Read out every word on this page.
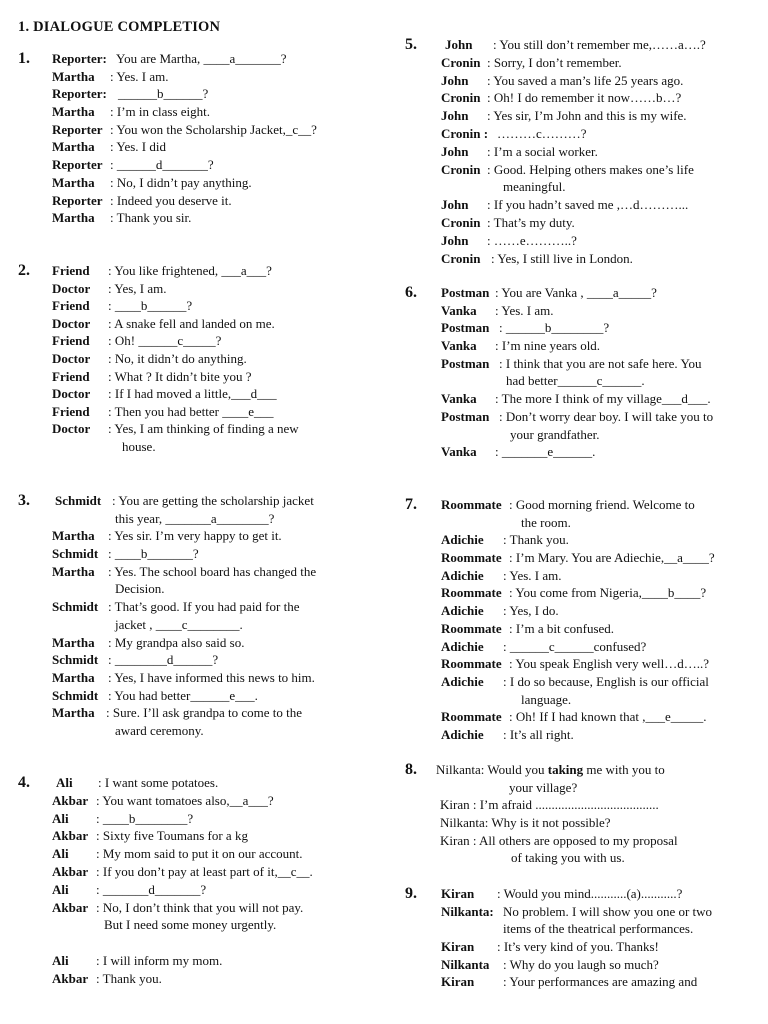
1. DIALOGUE COMPLETION
1. Reporter: You are Martha, ____a_______?
Martha : Yes. I am.
Reporter: ______b______?
Martha : I’m in class eight.
Reporter : You won the Scholarship Jacket,_c__?
Martha : Yes. I did
Reporter : ______d_______?
Martha : No, I didn’t pay anything.
Reporter : Indeed you deserve it.
Martha : Thank you sir.
2. Friend : You like frightened, ___a___?
Doctor : Yes, I am.
Friend : ____b______?
Doctor : A snake fell and landed on me.
Friend : Oh! ______c_____?
Doctor : No, it didn’t do anything.
Friend : What ? It didn’t bite you ?
Doctor : If I had moved a little,___d___
Friend : Then you had better ____e___
Doctor : Yes, I am thinking of finding a new
house.
3. Schmidt : You are getting the scholarship jacket
this year, _______a________?
Martha : Yes sir. I’m very happy to get it.
Schmidt : ____b_______?
Martha : Yes. The school board has changed the
Decision.
Schmidt : That’s good. If you had paid for the
jacket , ____c________.
Martha : My grandpa also said so.
Schmidt : ________d______?
Martha : Yes, I have informed this news to him.
Schmidt : You had better______e___.
Martha : Sure. I’ll ask grandpa to come to the
award ceremony.
4. Ali : I want some potatoes.
Akbar : You want tomatoes also,__a___?
Ali : ____b________?
Akbar : Sixty five Toumans for a kg
Ali : My mom said to put it on our account.
Akbar : If you don’t pay at least part of it,__c__.
Ali : _______d_______?
Akbar : No, I don’t think that you will not pay.
But I need some money urgently.
Ali : I will inform my mom.
Akbar : Thank you.
5. John : You still don’t remember me,……a….?
Cronin : Sorry, I don’t remember.
John : You saved a man’s life 25 years ago.
Cronin : Oh! I do remember it now……b…?
John : Yes sir, I’m John and this is my wife.
Cronin : ………c………?
John : I’m a social worker.
Cronin : Good. Helping others makes one’s life
meaningful.
John : If you hadn’t saved me ,…d………...
Cronin : That’s my duty.
John : ……e………..?
Cronin : Yes, I still live in London.
6. Postman : You are Vanka , ____a_____?
Vanka : Yes. I am.
Postman : ______b________?
Vanka : I’m nine years old.
Postman : I think that you are not safe here. You
had better______c______.
Vanka : The more I think of my village___d___.
Postman : Don’t worry dear boy. I will take you to
your grandfather.
Vanka : _______e______.
7. Roommate : Good morning friend. Welcome to
the room.
Adichie : Thank you.
Roommate : I’m Mary. You are Adiechie,__a____?
Adichie : Yes. I am.
Roommate : You come from Nigeria,____b____?
Adichie : Yes, I do.
Roommate : I’m a bit confused.
Adichie : ______c______confused?
Roommate : You speak English very well…d…..?
Adichie : I do so because, English is our official
language.
Roommate : Oh! If I had known that ,___e_____.
Adichie : It’s all right.
8. Nilkanta: Would you taking me with you to
your village?
Kiran : I’m afraid ......................................
Nilkanta: Why is it not possible?
Kiran : All others are opposed to my proposal
of taking you with us.
9. Kiran : Would you mind...........(a)...........?
Nilkanta: No problem. I will show you one or two
items of the theatrical performances.
Kiran : It’s very kind of you. Thanks!
Nilkanta : Why do you laugh so much?
Kiran : Your performances are amazing and
